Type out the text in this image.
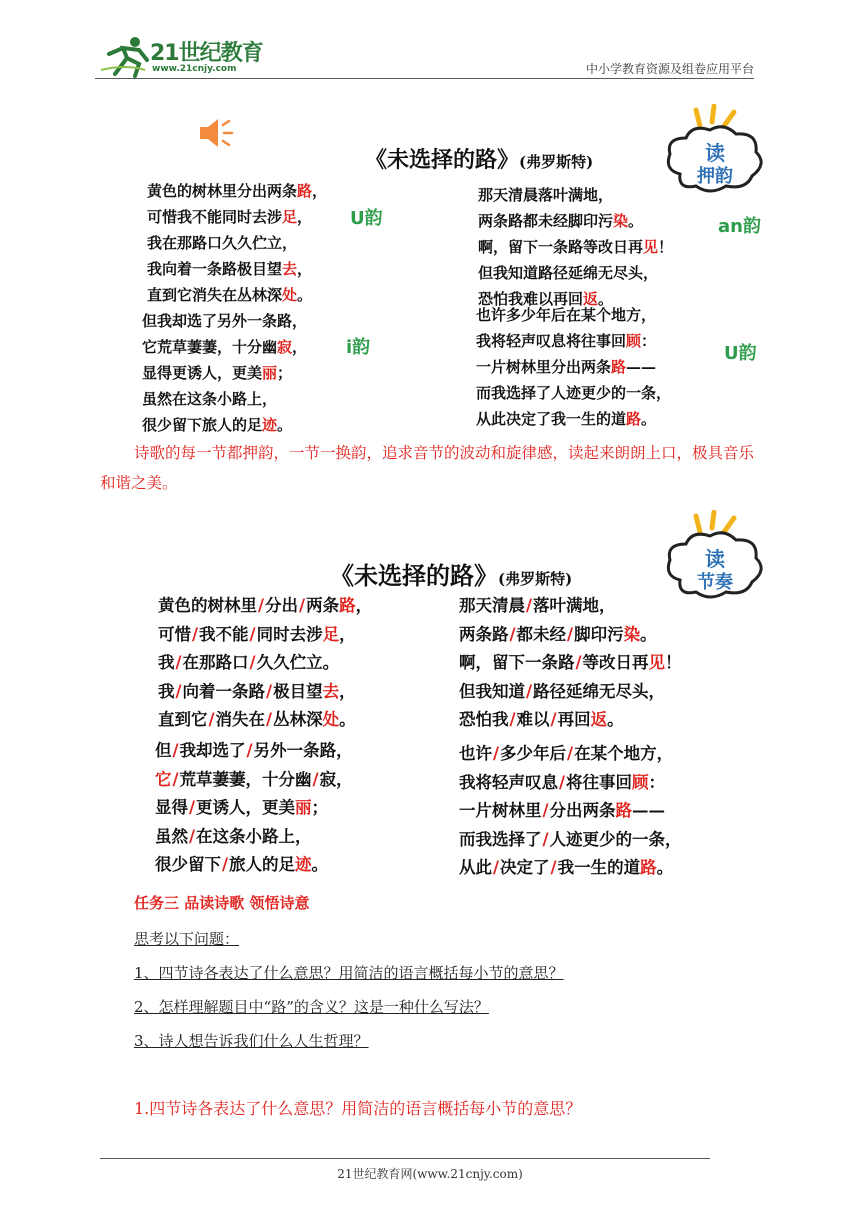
21世纪教育
www.21cnjy.com	中小学教育资源及组卷应用平台
《未选择的路》(弗罗斯特)	读
押韵
黄色的树林里分出两条路，
可惜我不能同时去涉足，
我在那路口久久伫立，
我向着一条路极目望去，
直到它消失在丛林深处。
但我却选了另外一条路，
它荒草萋萋，十分幽寂，
显得更诱人，更美丽；
虽然在这条小路上，
很少留下旅人的足迹。
那天清晨落叶满地，
两条路都未经脚印污染。
啊，留下一条路等改日再见！
但我知道路径延绵无尽头，
恐怕我难以再回返。
也许多少年后在某个地方，
我将轻声叹息将往事回顾：
一片树林里分出两条路——
而我选择了人迹更少的一条，
从此决定了我一生的道路。
U韵
i韵
an韵
U韵
诗歌的每一节都押韵，一节一换韵，追求音节的波动和旋律感，读起来朗朗上口，极具音乐和谐之美。
《未选择的路》(弗罗斯特)
读
节奏
黄色的树林里/分出/两条路，
可惜/我不能/同时去涉足，
我/在那路口/久久伫立。
我/向着一条路/极目望去，
直到它/消失在/丛林深处。
但/我却选了/另外一条路，
它/荒草萋萋，十分幽/寂，
显得/更诱人，更美丽；
虽然/在这条小路上，
很少留下/旅人的足迹。
那天清晨/落叶满地，
两条路/都未经/脚印污染。
啊，留下一条路/等改日再见！
但我知道/路径延绵无尽头，
恐怕我/难以/再回返。
也许/多少年后/在某个地方，
我将轻声叹息/将往事回顾：
一片树林里/分出两条路——
而我选择了/人迹更少的一条，
从此/决定了/我一生的道路。
任务三 品读诗歌 领悟诗意
思考以下问题：
1、四节诗各表达了什么意思？用简洁的语言概括每小节的意思？
2、怎样理解题目中“路”的含义？这是一种什么写法？
3、诗人想告诉我们什么人生哲理？
1.四节诗各表达了什么意思？用简洁的语言概括每小节的意思？
21世纪教育网(www.21cnjy.com)
